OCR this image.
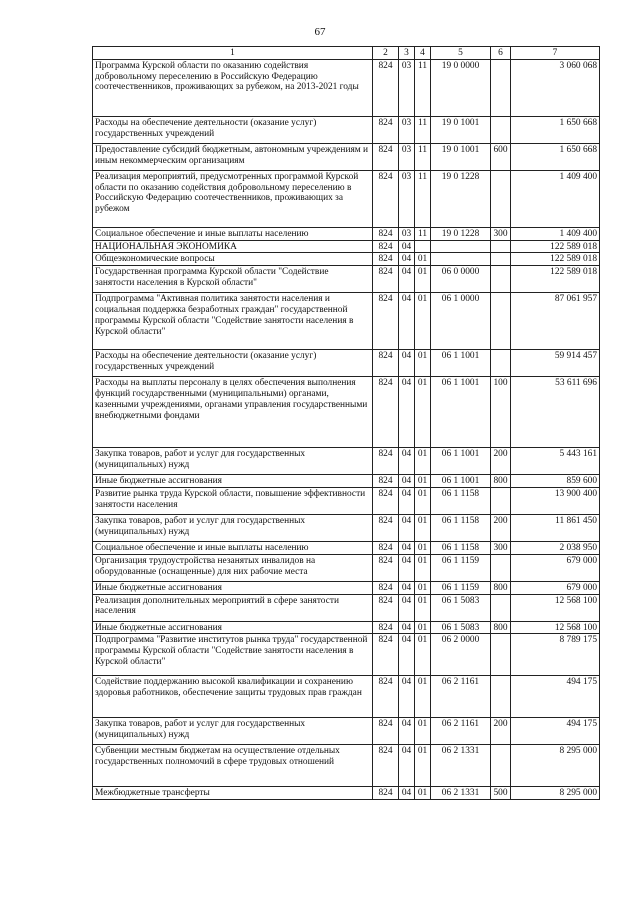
67
1	2	3	4	5	6	7
Программа Курской области по оказанию содействия добровольному переселению в Российскую Федерацию соотечественников, проживающих за рубежом, на 2013-2021 годы	824	03	11	19 0 0000		3 060 068
Расходы на обеспечение деятельности (оказание услуг) государственных учреждений	824	03	11	19 0 1001		1 650 668
Предоставление субсидий бюджетным, автономным учреждениям и иным некоммерческим организациям	824	03	11	19 0 1001	600	1 650 668
Реализация мероприятий, предусмотренных программой Курской области по оказанию содействия добровольному переселению в Российскую Федерацию соотечественников, проживающих за рубежом	824	03	11	19 0 1228		1 409 400
Социальное обеспечение и иные выплаты населению	824	03	11	19 0 1228	300	1 409 400
НАЦИОНАЛЬНАЯ ЭКОНОМИКА	824	04				122 589 018
Общеэкономические вопросы	824	04	01			122 589 018
Государственная программа Курской области "Содействие занятости населения в Курской области"	824	04	01	06 0 0000		122 589 018
Подпрограмма "Активная политика занятости населения и социальная поддержка безработных граждан" государственной программы Курской области "Содействие занятости населения в Курской области"	824	04	01	06 1 0000		87 061 957
Расходы на обеспечение деятельности (оказание услуг) государственных учреждений	824	04	01	06 1 1001		59 914 457
Расходы на выплаты персоналу в целях обеспечения выполнения функций государственными (муниципальными) органами, казенными учреждениями, органами управления государственными внебюджетными фондами	824	04	01	06 1 1001	100	53 611 696
Закупка товаров, работ и услуг для государственных (муниципальных) нужд	824	04	01	06 1 1001	200	5 443 161
Иные бюджетные ассигнования	824	04	01	06 1 1001	800	859 600
Развитие рынка труда Курской области, повышение эффективности занятости населения	824	04	01	06 1 1158		13 900 400
Закупка товаров, работ и услуг для государственных (муниципальных) нужд	824	04	01	06 1 1158	200	11 861 450
Социальное обеспечение и иные выплаты населению	824	04	01	06 1 1158	300	2 038 950
Организация трудоустройства незанятых инвалидов на оборудованные (оснащенные) для них рабочие места	824	04	01	06 1 1159		679 000
Иные бюджетные ассигнования	824	04	01	06 1 1159	800	679 000
Реализация дополнительных мероприятий в сфере занятости населения	824	04	01	06 1 5083		12 568 100
Иные бюджетные ассигнования	824	04	01	06 1 5083	800	12 568 100
Подпрограмма "Развитие институтов рынка труда" государственной программы Курской области "Содействие занятости населения в Курской области"	824	04	01	06 2 0000		8 789 175
Содействие поддержанию высокой квалификации и сохранению здоровья работников, обеспечение защиты трудовых прав граждан	824	04	01	06 2 1161		494 175
Закупка товаров, работ и услуг для государственных (муниципальных) нужд	824	04	01	06 2 1161	200	494 175
Субвенции местным бюджетам на осуществление отдельных государственных полномочий в сфере трудовых отношений	824	04	01	06 2 1331		8 295 000
Межбюджетные трансферты	824	04	01	06 2 1331	500	8 295 000
